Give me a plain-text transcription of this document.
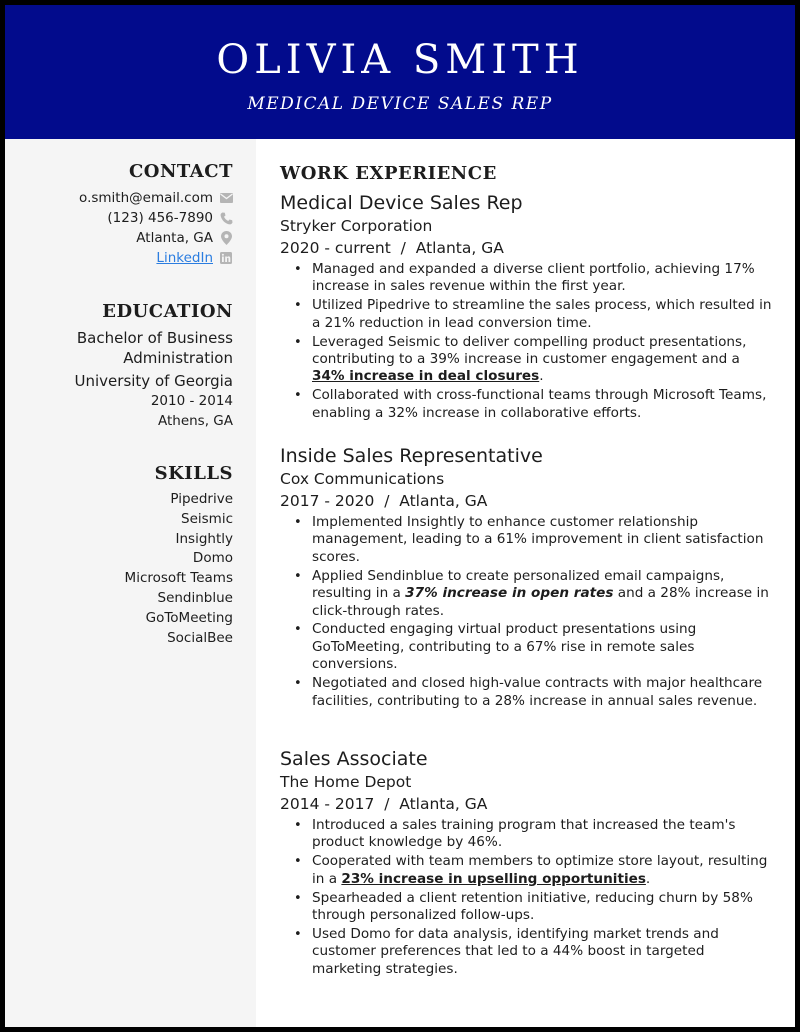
OLIVIA SMITH
MEDICAL DEVICE SALES REP
CONTACT
o.smith@email.com
(123) 456-7890
Atlanta, GA
LinkedIn
EDUCATION
Bachelor of Business
Administration
University of Georgia
2010 - 2014
Athens, GA
SKILLS
Pipedrive
Seismic
Insightly
Domo
Microsoft Teams
Sendinblue
GoToMeeting
SocialBee
WORK EXPERIENCE
Medical Device Sales Rep
Stryker Corporation
2020 - current  /  Atlanta, GA
• Managed and expanded a diverse client portfolio, achieving 17% increase in sales revenue within the first year.
• Utilized Pipedrive to streamline the sales process, which resulted in a 21% reduction in lead conversion time.
• Leveraged Seismic to deliver compelling product presentations, contributing to a 39% increase in customer engagement and a 34% increase in deal closures.
• Collaborated with cross-functional teams through Microsoft Teams, enabling a 32% increase in collaborative efforts.
Inside Sales Representative
Cox Communications
2017 - 2020  /  Atlanta, GA
• Implemented Insightly to enhance customer relationship management, leading to a 61% improvement in client satisfaction scores.
• Applied Sendinblue to create personalized email campaigns, resulting in a 37% increase in open rates and a 28% increase in click-through rates.
• Conducted engaging virtual product presentations using GoToMeeting, contributing to a 67% rise in remote sales conversions.
• Negotiated and closed high-value contracts with major healthcare facilities, contributing to a 28% increase in annual sales revenue.
Sales Associate
The Home Depot
2014 - 2017  /  Atlanta, GA
• Introduced a sales training program that increased the team's product knowledge by 46%.
• Cooperated with team members to optimize store layout, resulting in a 23% increase in upselling opportunities.
• Spearheaded a client retention initiative, reducing churn by 58% through personalized follow-ups.
• Used Domo for data analysis, identifying market trends and customer preferences that led to a 44% boost in targeted marketing strategies.
